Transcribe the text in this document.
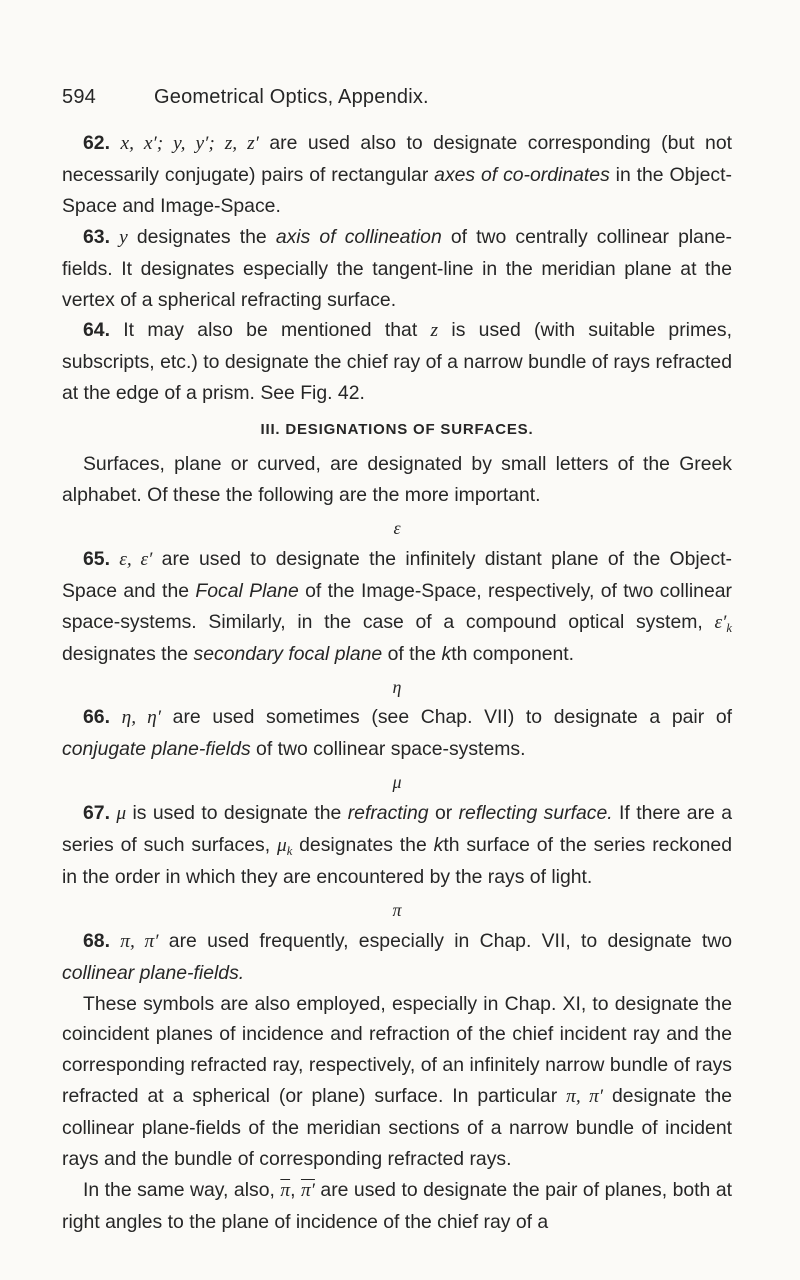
594	Geometrical Optics, Appendix.

62. x, x′; y, y′; z, z′ are used also to designate corresponding (but not necessarily conjugate) pairs of rectangular axes of co-ordinates in the Object-Space and Image-Space.

63. y designates the axis of collineation of two centrally collinear plane-fields. It designates especially the tangent-line in the meridian plane at the vertex of a spherical refracting surface.

64. It may also be mentioned that z is used (with suitable primes, subscripts, etc.) to designate the chief ray of a narrow bundle of rays refracted at the edge of a prism. See Fig. 42.

III. DESIGNATIONS OF SURFACES.

Surfaces, plane or curved, are designated by small letters of the Greek alphabet. Of these the following are the more important.

ε

65. ε, ε′ are used to designate the infinitely distant plane of the Object-Space and the Focal Plane of the Image-Space, respectively, of two collinear space-systems. Similarly, in the case of a compound optical system, $\varepsilon'_k$ designates the secondary focal plane of the kth component.

η

66. η, η′ are used sometimes (see Chap. VII) to designate a pair of conjugate plane-fields of two collinear space-systems.

μ

67. μ is used to designate the refracting or reflecting surface. If there are a series of such surfaces, $\mu_k$ designates the kth surface of the series reckoned in the order in which they are encountered by the rays of light.

π

68. π, π′ are used frequently, especially in Chap. VII, to designate two collinear plane-fields.

These symbols are also employed, especially in Chap. XI, to designate the coincident planes of incidence and refraction of the chief incident ray and the corresponding refracted ray, respectively, of an infinitely narrow bundle of rays refracted at a spherical (or plane) surface. In particular π, π′ designate the collinear plane-fields of the meridian sections of a narrow bundle of incident rays and the bundle of corresponding refracted rays.

In the same way, also, $\overline{\pi}$, π′ are used to designate the pair of planes, both at right angles to the plane of incidence of the chief ray of a
